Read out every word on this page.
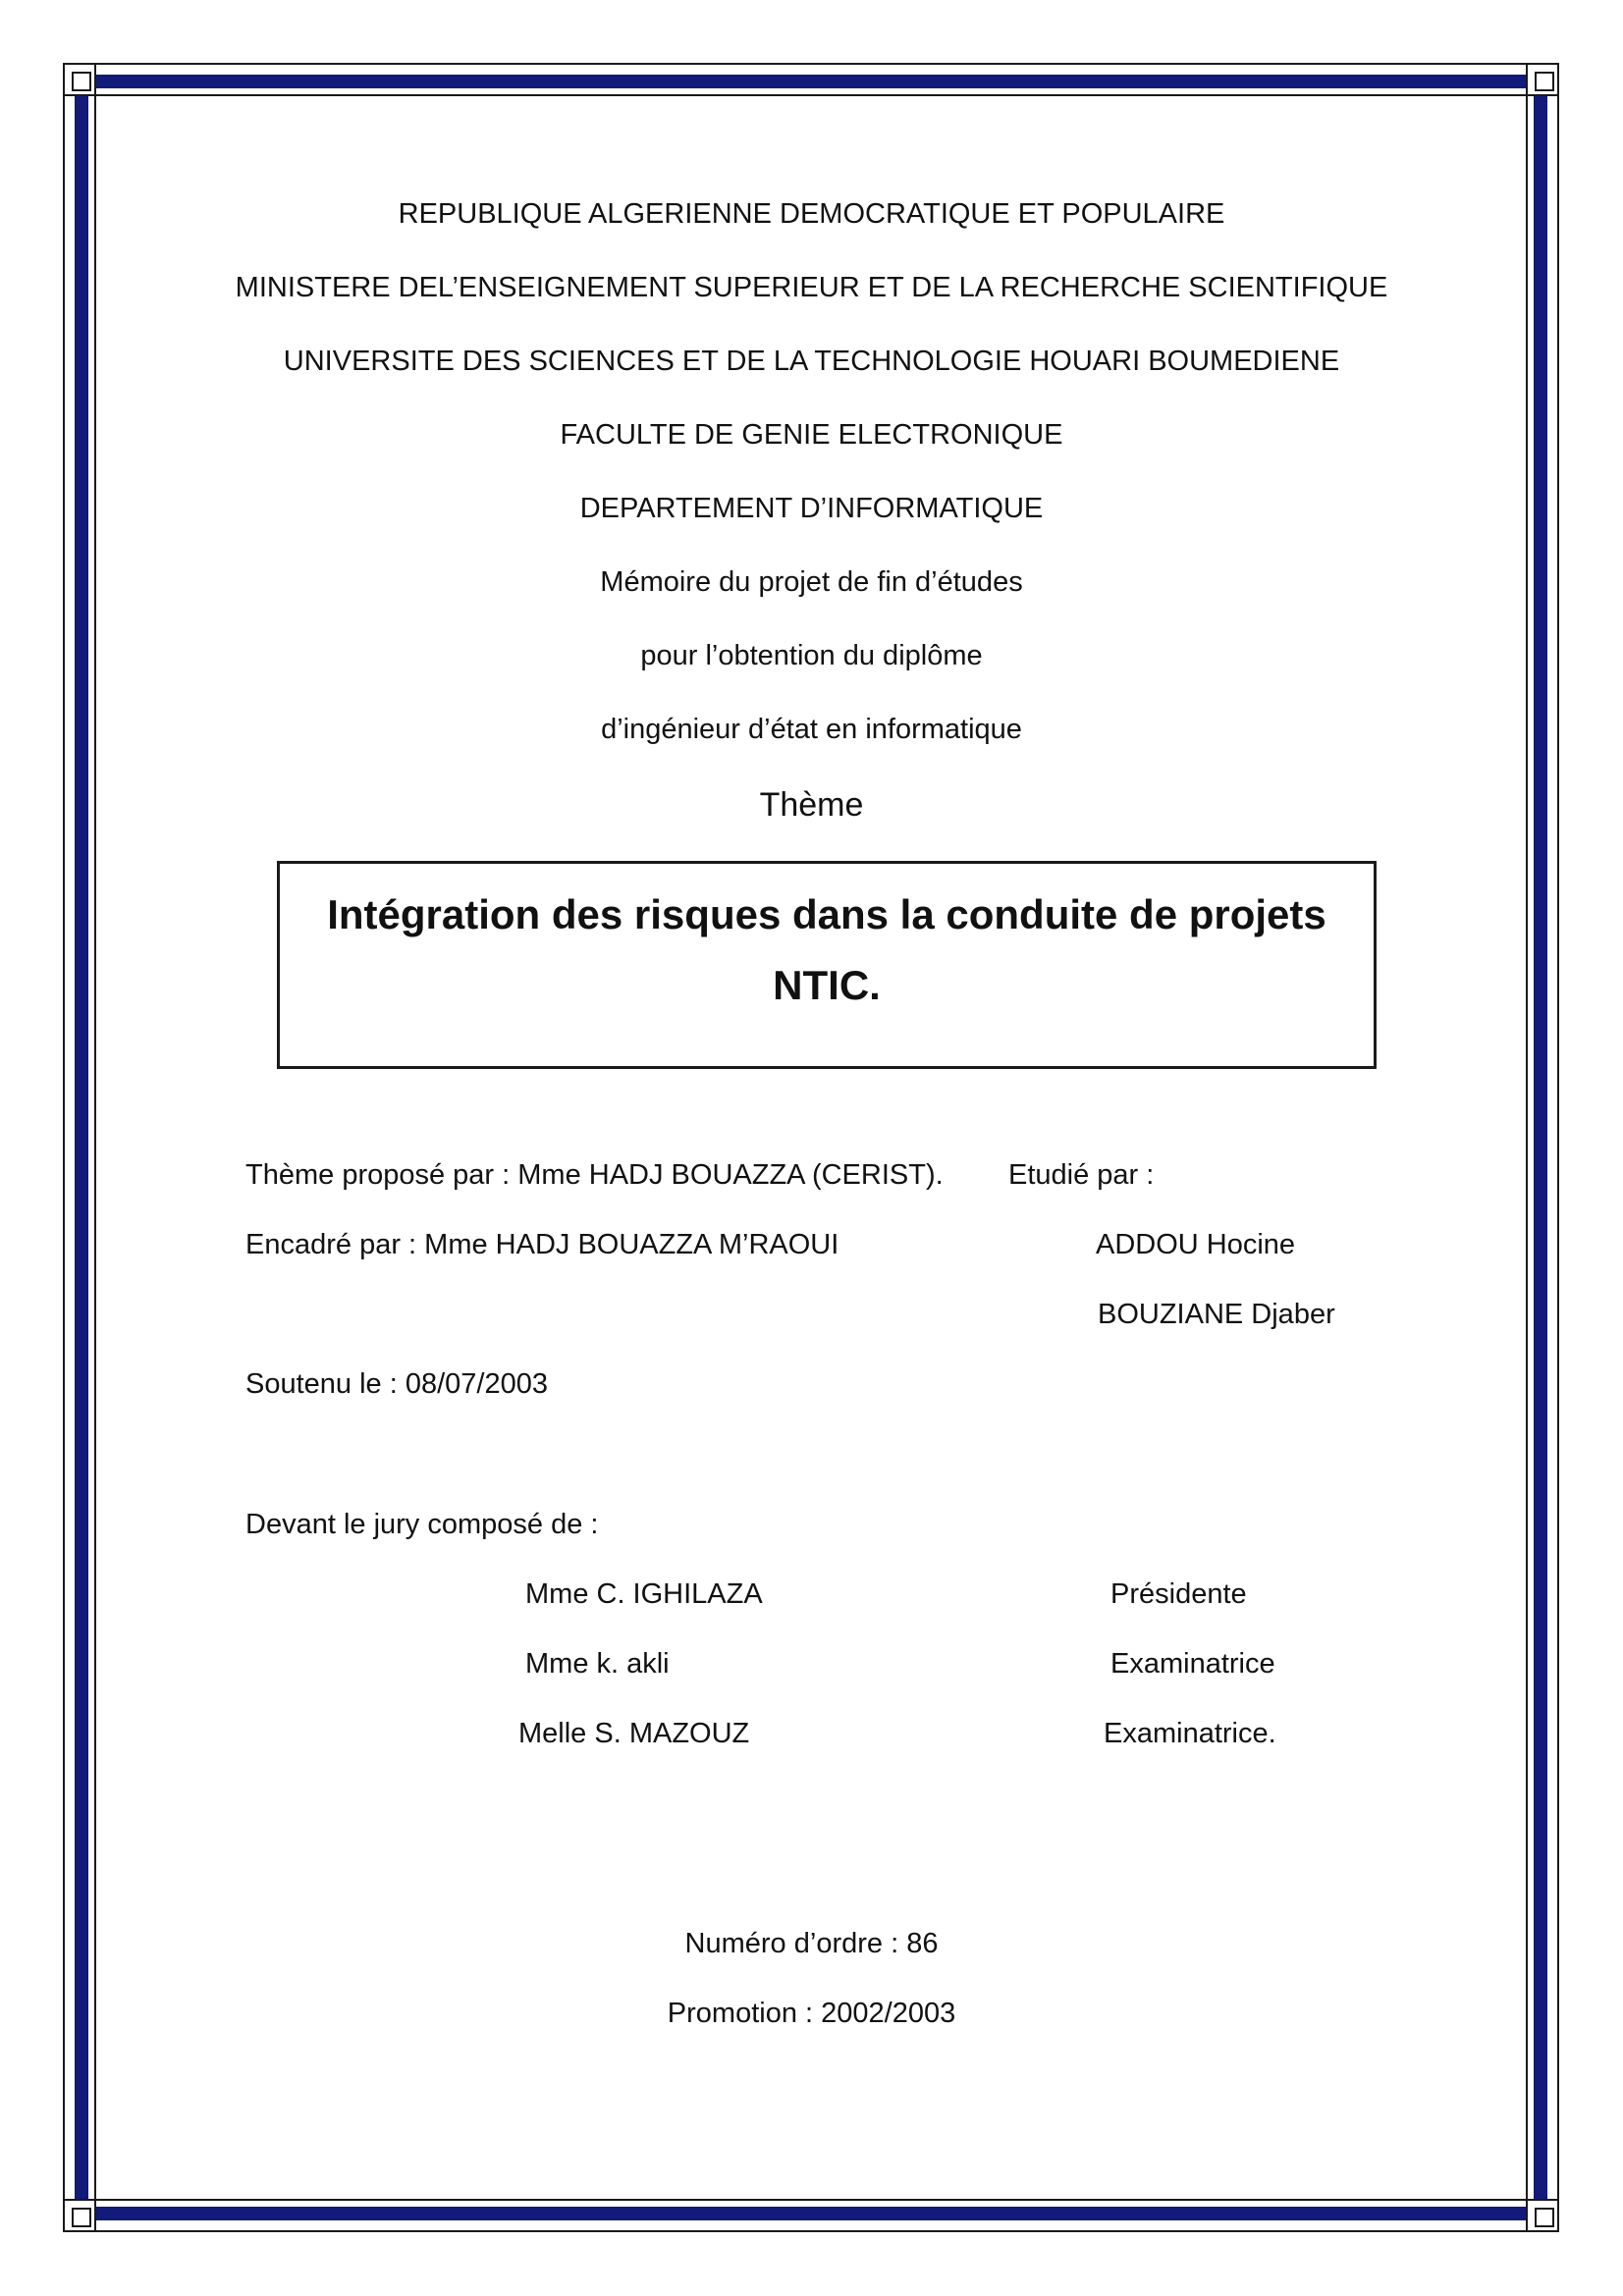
REPUBLIQUE ALGERIENNE DEMOCRATIQUE ET POPULAIRE
MINISTERE DEL’ENSEIGNEMENT SUPERIEUR ET DE LA RECHERCHE SCIENTIFIQUE
UNIVERSITE DES SCIENCES ET DE LA TECHNOLOGIE HOUARI BOUMEDIENE
FACULTE DE GENIE ELECTRONIQUE
DEPARTEMENT D’INFORMATIQUE
Mémoire du projet de fin d’études
pour l’obtention du diplôme
d’ingénieur d’état en informatique
Thème
Intégration des risques dans la conduite de projets
NTIC.
Thème proposé par : Mme HADJ BOUAZZA (CERIST). Etudié par :
Encadré par : Mme HADJ BOUAZZA M’RAOUI	ADDOU Hocine
BOUZIANE Djaber
Soutenu le : 08/07/2003
Devant le jury composé de :
Mme C. IGHILAZA	Présidente
Mme k. akli	Examinatrice
Melle S. MAZOUZ	Examinatrice.
Numéro d’ordre : 86
Promotion : 2002/2003
